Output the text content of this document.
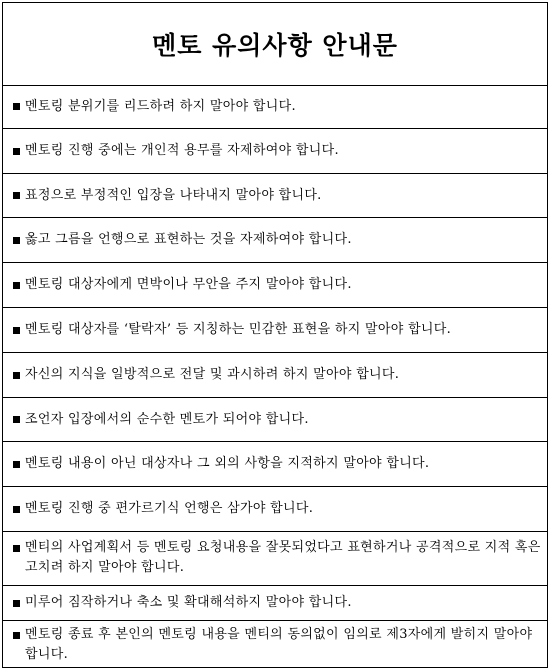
멘토 유의사항 안내문
멘토링 분위기를 리드하려 하지 말아야 합니다.
멘토링 진행 중에는 개인적 용무를 자제하여야 합니다.
표정으로 부정적인 입장을 나타내지 말아야 합니다.
옳고 그름을 언행으로 표현하는 것을 자제하여야 합니다.
멘토링 대상자에게 면박이나 무안을 주지 말아야 합니다.
멘토링 대상자를 ‘탈락자’ 등 지칭하는 민감한 표현을 하지 말아야 합니다.
자신의 지식을 일방적으로 전달 및 과시하려 하지 말아야 합니다.
조언자 입장에서의 순수한 멘토가 되어야 합니다.
멘토링 내용이 아닌 대상자나 그 외의 사항을 지적하지 말아야 합니다.
멘토링 진행 중 편가르기식 언행은 삼가야 합니다.
멘티의 사업계획서 등 멘토링 요청내용을 잘못되었다고 표현하거나 공격적으로 지적 혹은 고치려 하지 말아야 합니다.
미루어 짐작하거나 축소 및 확대해석하지 말아야 합니다.
멘토링 종료 후 본인의 멘토링 내용을 멘티의 동의없이 임의로 제3자에게 발히지 말아야 합니다.
